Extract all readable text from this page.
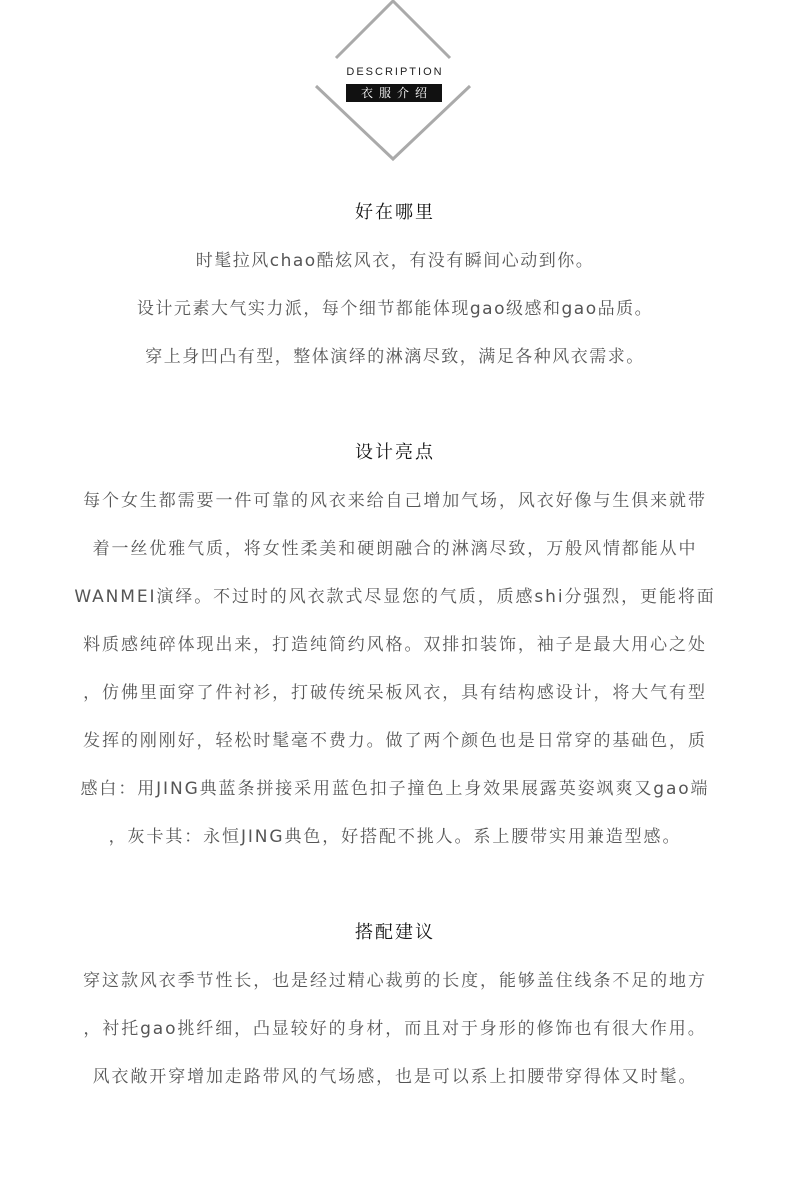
DESCRIPTION
衣服介绍
好在哪里
时髦拉风chao酷炫风衣，有没有瞬间心动到你。
设计元素大气实力派，每个细节都能体现gao级感和gao品质。
穿上身凹凸有型，整体演绎的淋漓尽致，满足各种风衣需求。
设计亮点
每个女生都需要一件可靠的风衣来给自己增加气场，风衣好像与生俱来就带
着一丝优雅气质，将女性柔美和硬朗融合的淋漓尽致，万般风情都能从中
WANMEI演绎。不过时的风衣款式尽显您的气质，质感shi分强烈，更能将面
料质感纯碎体现出来，打造纯简约风格。双排扣装饰，袖子是最大用心之处
，仿佛里面穿了件衬衫，打破传统呆板风衣，具有结构感设计，将大气有型
发挥的刚刚好，轻松时髦毫不费力。做了两个颜色也是日常穿的基础色，质
感白：用JING典蓝条拼接采用蓝色扣子撞色上身效果展露英姿飒爽又gao端
，灰卡其：永恒JING典色，好搭配不挑人。系上腰带实用兼造型感。
搭配建议
穿这款风衣季节性长，也是经过精心裁剪的长度，能够盖住线条不足的地方
，衬托gao挑纤细，凸显较好的身材，而且对于身形的修饰也有很大作用。
风衣敞开穿增加走路带风的气场感，也是可以系上扣腰带穿得体又时髦。
